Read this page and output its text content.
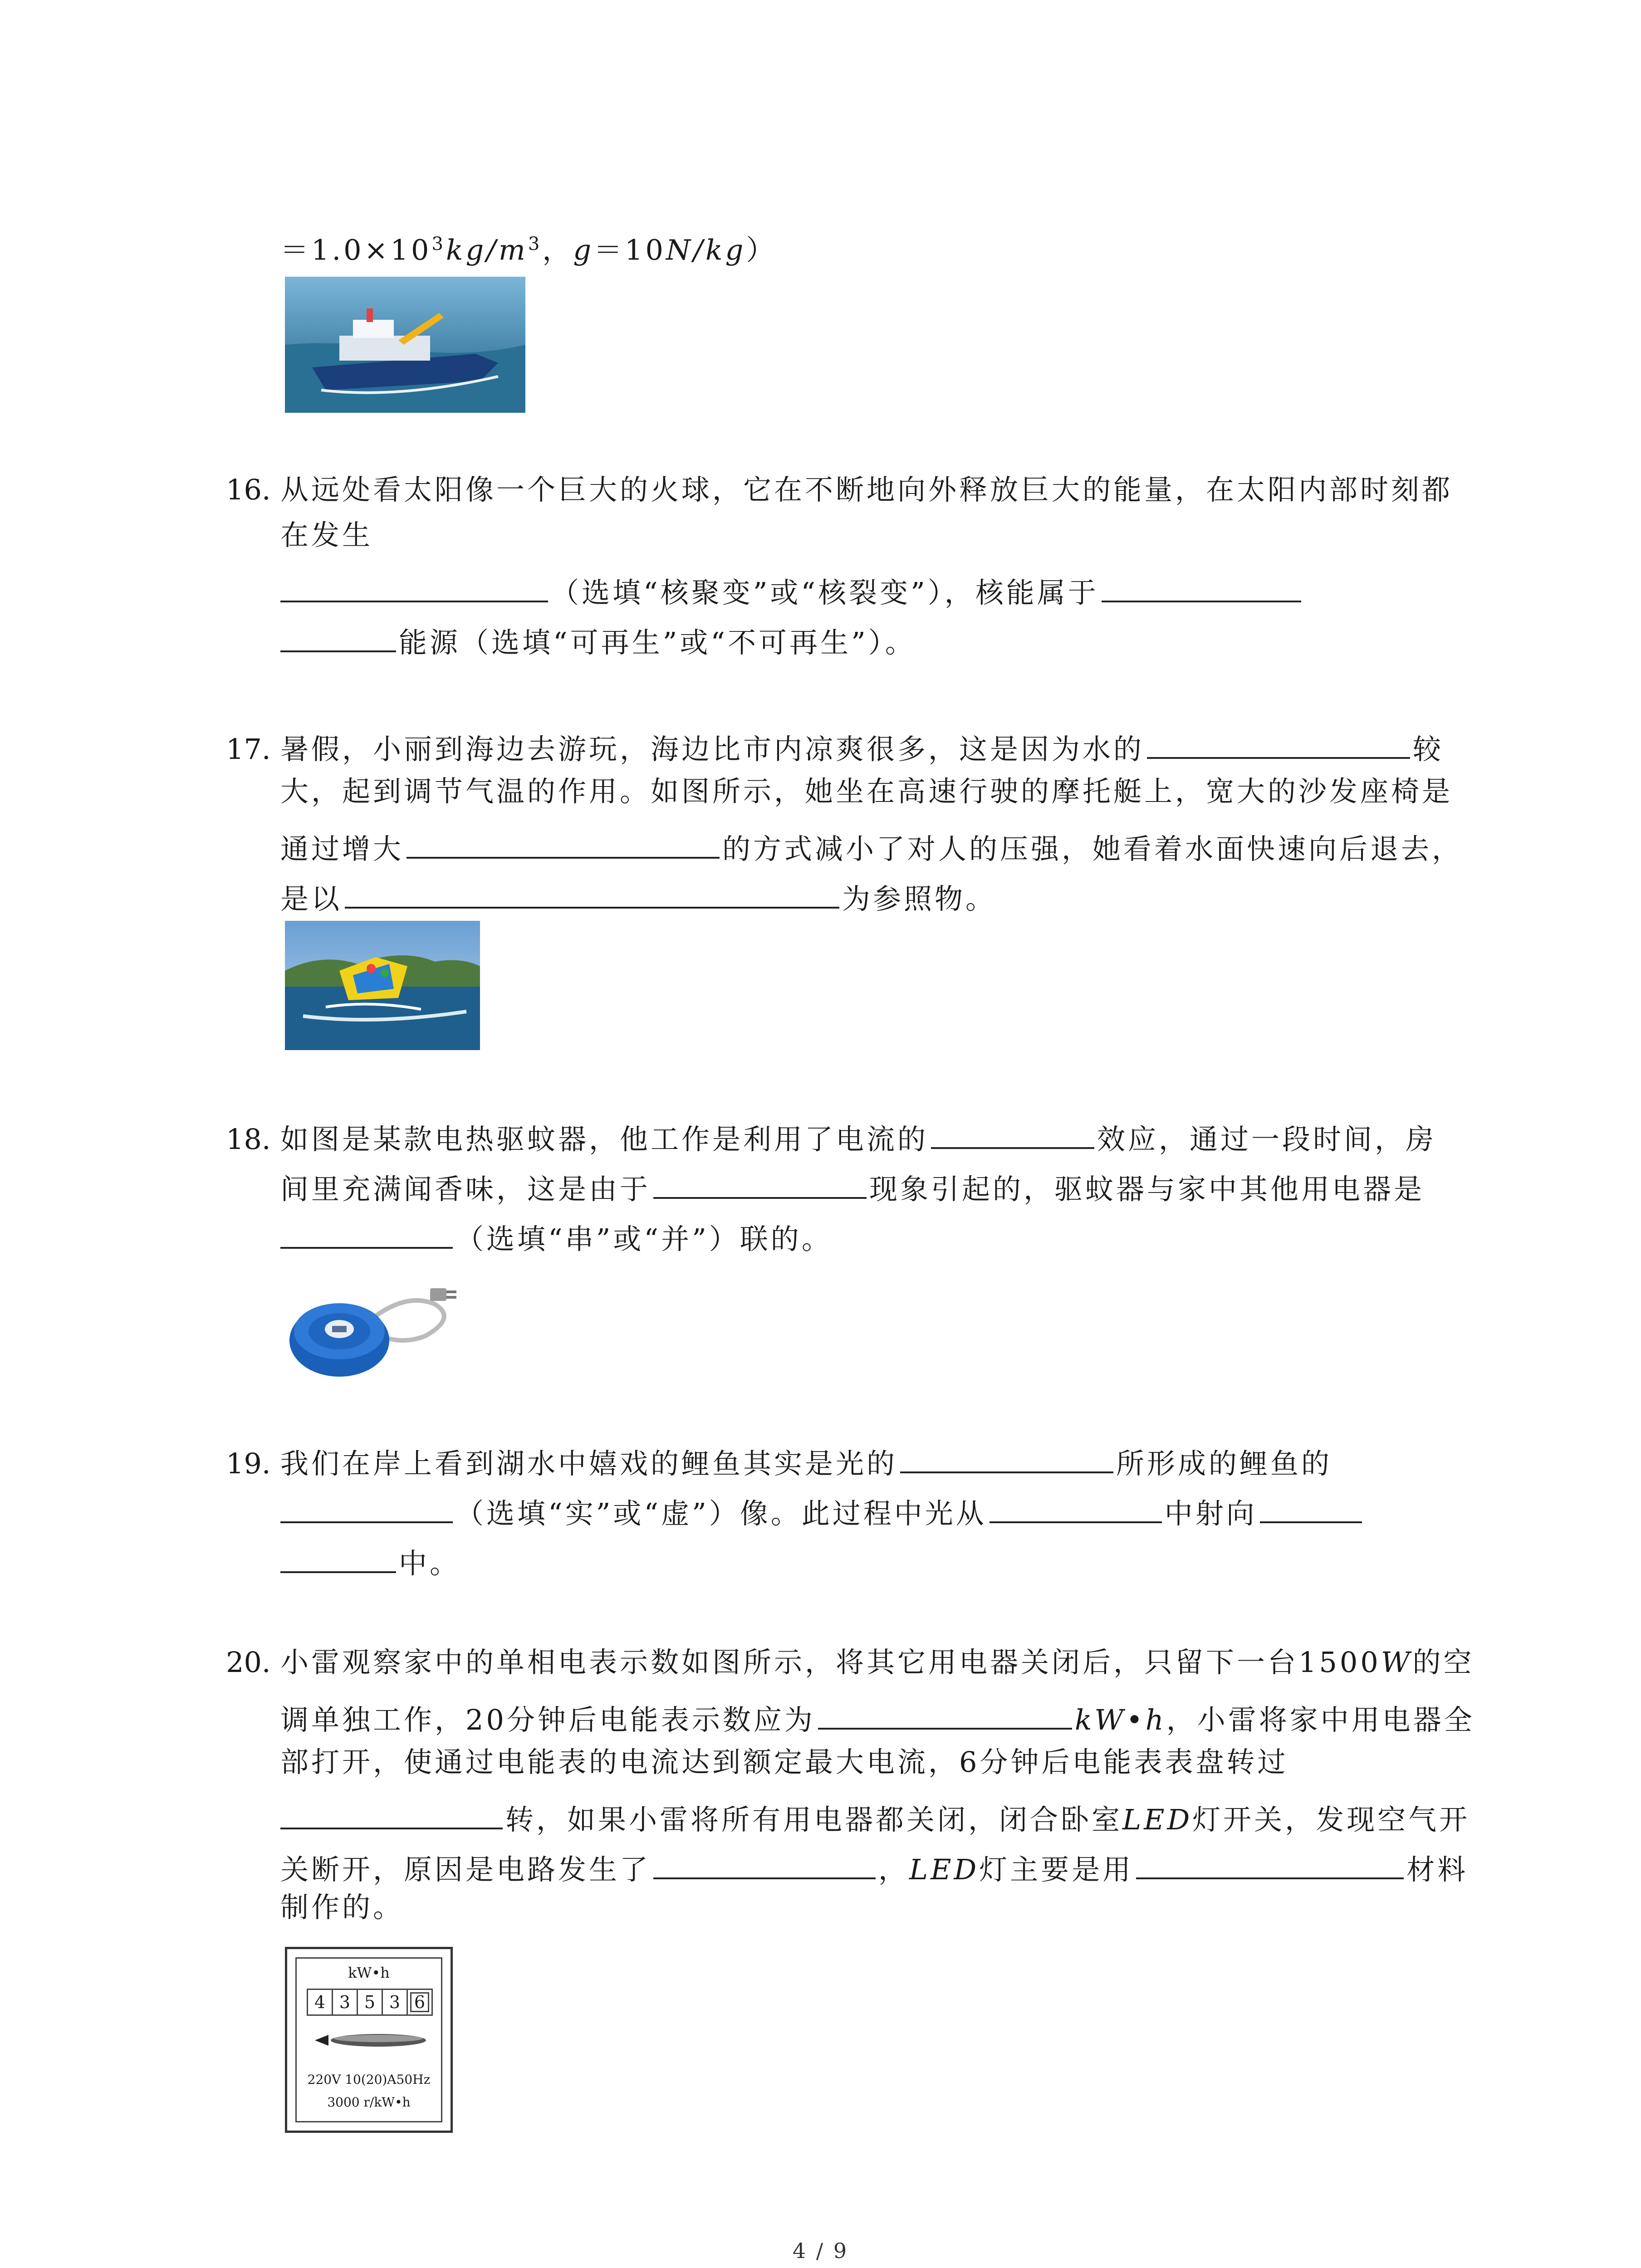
$=1.0\times 10^3kg/m^3$，g＝10N/kg）
16. 从远处看太阳像一个巨大的火球，它在不断地向外释放巨大的能量，在太阳内部时刻都
在发生
（选填“核聚变”或“核裂变”），核能属于
能源（选填“可再生”或“不可再生”）。
17. 暑假，小丽到海边去游玩，海边比市内凉爽很多，这是因为水的	较
大，起到调节气温的作用。如图所示，她坐在高速行驶的摩托艇上，宽大的沙发座椅是
通过增大	的方式减小了对人的压强，她看着水面快速向后退去，
是以	为参照物。
18. 如图是某款电热驱蚊器，他工作是利用了电流的	效应，通过一段时间，房
间里充满闻香味，这是由于	现象引起的，驱蚊器与家中其他用电器是
（选填“串”或“并”）联的。
19. 我们在岸上看到湖水中嬉戏的鲤鱼其实是光的	所形成的鲤鱼的
（选填“实”或“虚”）像。此过程中光从	中射向
中。
20. 小雷观察家中的单相电表示数如图所示，将其它用电器关闭后，只留下一台1500W的空
调单独工作，20分钟后电能表示数应为	kW•h，小雷将家中用电器全
部打开，使通过电能表的电流达到额定最大电流，6分钟后电能表表盘转过
转，如果小雷将所有用电器都关闭，闭合卧室LED灯开关，发现空气开
关断开，原因是电路发生了	，LED灯主要是用	材料
制作的。
kW•h
4 3 5 3 6
220V 10(20)A50Hz
3000 r/kW•h
4 / 9
